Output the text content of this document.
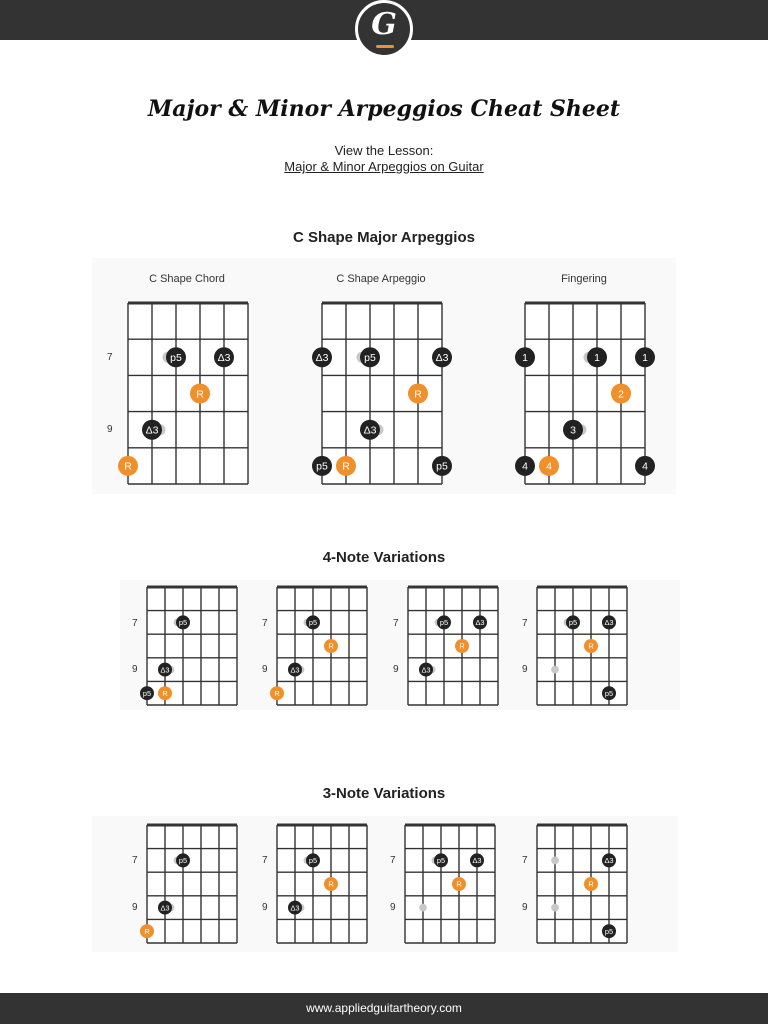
G
Major & Minor Arpeggios Cheat Sheet
View the Lesson:
Major & Minor Arpeggios on Guitar
C Shape Major Arpeggios
C Shape Chord	C Shape Arpeggio	Fingering
7
9
p5	Δ3
R
Δ3
R
Δ3	p5	Δ3
R
Δ3
p5 R	p5
1	1	1
2
3
4 4	4
4-Note Variations
7
9
7
9
7
9
7
9
p5
Δ3
p5 R
p5
R
Δ3
R
p5	Δ3
R
Δ3
p5	Δ3
R
p5
3-Note Variations
7
9
7
9
7
9
7
9
p5
Δ3
R
p5
R
Δ3
p5	Δ3
R
Δ3
R
p5
www.appliedguitartheory.com
